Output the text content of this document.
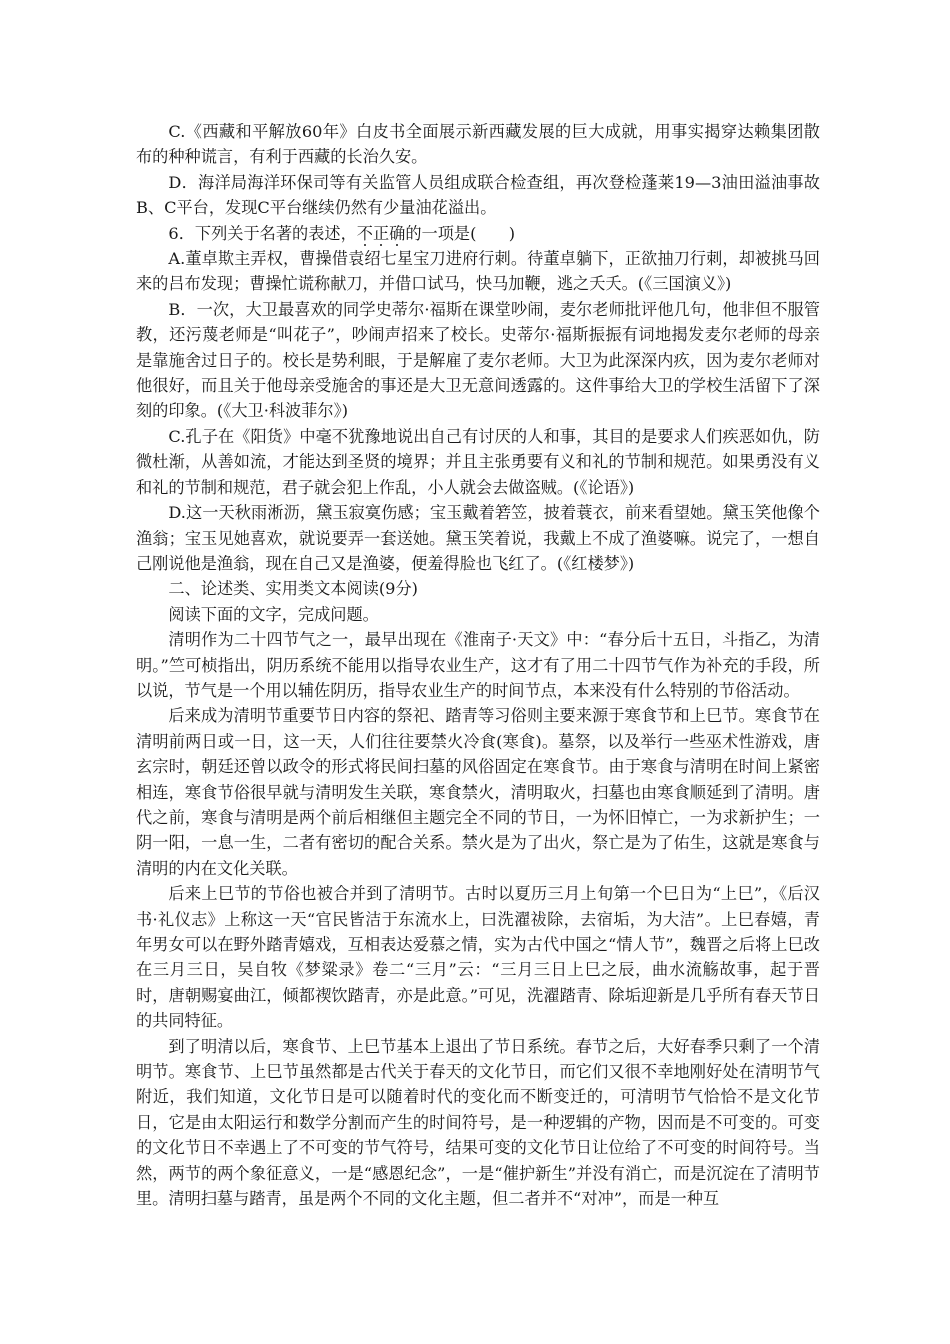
C.《西藏和平解放60年》白皮书全面展示新西藏发展的巨大成就，用事实揭穿达赖集团散布的种种谎言，有利于西藏的长治久安。

D．海洋局海洋环保司等有关监管人员组成联合检查组，再次登检蓬莱19—3油田溢油事故B、C平台，发现C平台继续仍然有少量油花溢出。

6．下列关于名著的表述，不正确的一项是(　　)

A.董卓欺主弄权，曹操借袁绍七星宝刀进府行刺。待董卓躺下，正欲抽刀行刺，却被挑马回来的吕布发现；曹操忙谎称献刀，并借口试马，快马加鞭，逃之夭夭。(《三国演义》)

B．一次，大卫最喜欢的同学史蒂尔·福斯在课堂吵闹，麦尔老师批评他几句，他非但不服管教，还污蔑老师是“叫花子”，吵闹声招来了校长。史蒂尔·福斯振振有词地揭发麦尔老师的母亲是靠施舍过日子的。校长是势利眼，于是解雇了麦尔老师。大卫为此深深内疚，因为麦尔老师对他很好，而且关于他母亲受施舍的事还是大卫无意间透露的。这件事给大卫的学校生活留下了深刻的印象。(《大卫·科波菲尔》)

C.孔子在《阳货》中毫不犹豫地说出自己有讨厌的人和事，其目的是要求人们疾恶如仇，防微杜渐，从善如流，才能达到圣贤的境界；并且主张勇要有义和礼的节制和规范。如果勇没有义和礼的节制和规范，君子就会犯上作乱，小人就会去做盗贼。(《论语》)

D.这一天秋雨淅沥，黛玉寂寞伤感；宝玉戴着箬笠，披着蓑衣，前来看望她。黛玉笑他像个渔翁；宝玉见她喜欢，就说要弄一套送她。黛玉笑着说，我戴上不成了渔婆嘛。说完了，一想自己刚说他是渔翁，现在自己又是渔婆，便羞得脸也飞红了。(《红楼梦》)

二、论述类、实用类文本阅读(9分)

阅读下面的文字，完成问题。

清明作为二十四节气之一，最早出现在《淮南子·天文》中：“春分后十五日，斗指乙，为清明。”竺可桢指出，阴历系统不能用以指导农业生产，这才有了用二十四节气作为补充的手段，所以说，节气是一个用以辅佐阴历，指导农业生产的时间节点，本来没有什么特别的节俗活动。

后来成为清明节重要节日内容的祭祀、踏青等习俗则主要来源于寒食节和上巳节。寒食节在清明前两日或一日，这一天，人们往往要禁火冷食(寒食)。墓祭，以及举行一些巫术性游戏，唐玄宗时，朝廷还曾以政令的形式将民间扫墓的风俗固定在寒食节。由于寒食与清明在时间上紧密相连，寒食节俗很早就与清明发生关联，寒食禁火，清明取火，扫墓也由寒食顺延到了清明。唐代之前，寒食与清明是两个前后相继但主题完全不同的节日，一为怀旧悼亡，一为求新护生；一阴一阳，一息一生，二者有密切的配合关系。禁火是为了出火，祭亡是为了佑生，这就是寒食与清明的内在文化关联。

后来上巳节的节俗也被合并到了清明节。古时以夏历三月上旬第一个巳日为“上巳”，《后汉书·礼仪志》上称这一天“官民皆洁于东流水上，曰洗濯祓除，去宿垢，为大洁”。上巳春嬉，青年男女可以在野外踏青嬉戏，互相表达爱慕之情，实为古代中国之“情人节”，魏晋之后将上巳改在三月三日，吴自牧《梦粱录》卷二“三月”云：“三月三日上巳之辰，曲水流觞故事，起于晋时，唐朝赐宴曲江，倾都禊饮踏青，亦是此意。”可见，洗濯踏青、除垢迎新是几乎所有春天节日的共同特征。

到了明清以后，寒食节、上巳节基本上退出了节日系统。春节之后，大好春季只剩了一个清明节。寒食节、上巳节虽然都是古代关于春天的文化节日，而它们又很不幸地刚好处在清明节气附近，我们知道，文化节日是可以随着时代的变化而不断变迁的，可清明节气恰恰不是文化节日，它是由太阳运行和数学分割而产生的时间符号，是一种逻辑的产物，因而是不可变的。可变的文化节日不幸遇上了不可变的节气符号，结果可变的文化节日让位给了不可变的时间符号。当然，两节的两个象征意义，一是“感恩纪念”，一是“催护新生”并没有消亡，而是沉淀在了清明节里。清明扫墓与踏青，虽是两个不同的文化主题，但二者并不“对冲”，而是一种互
